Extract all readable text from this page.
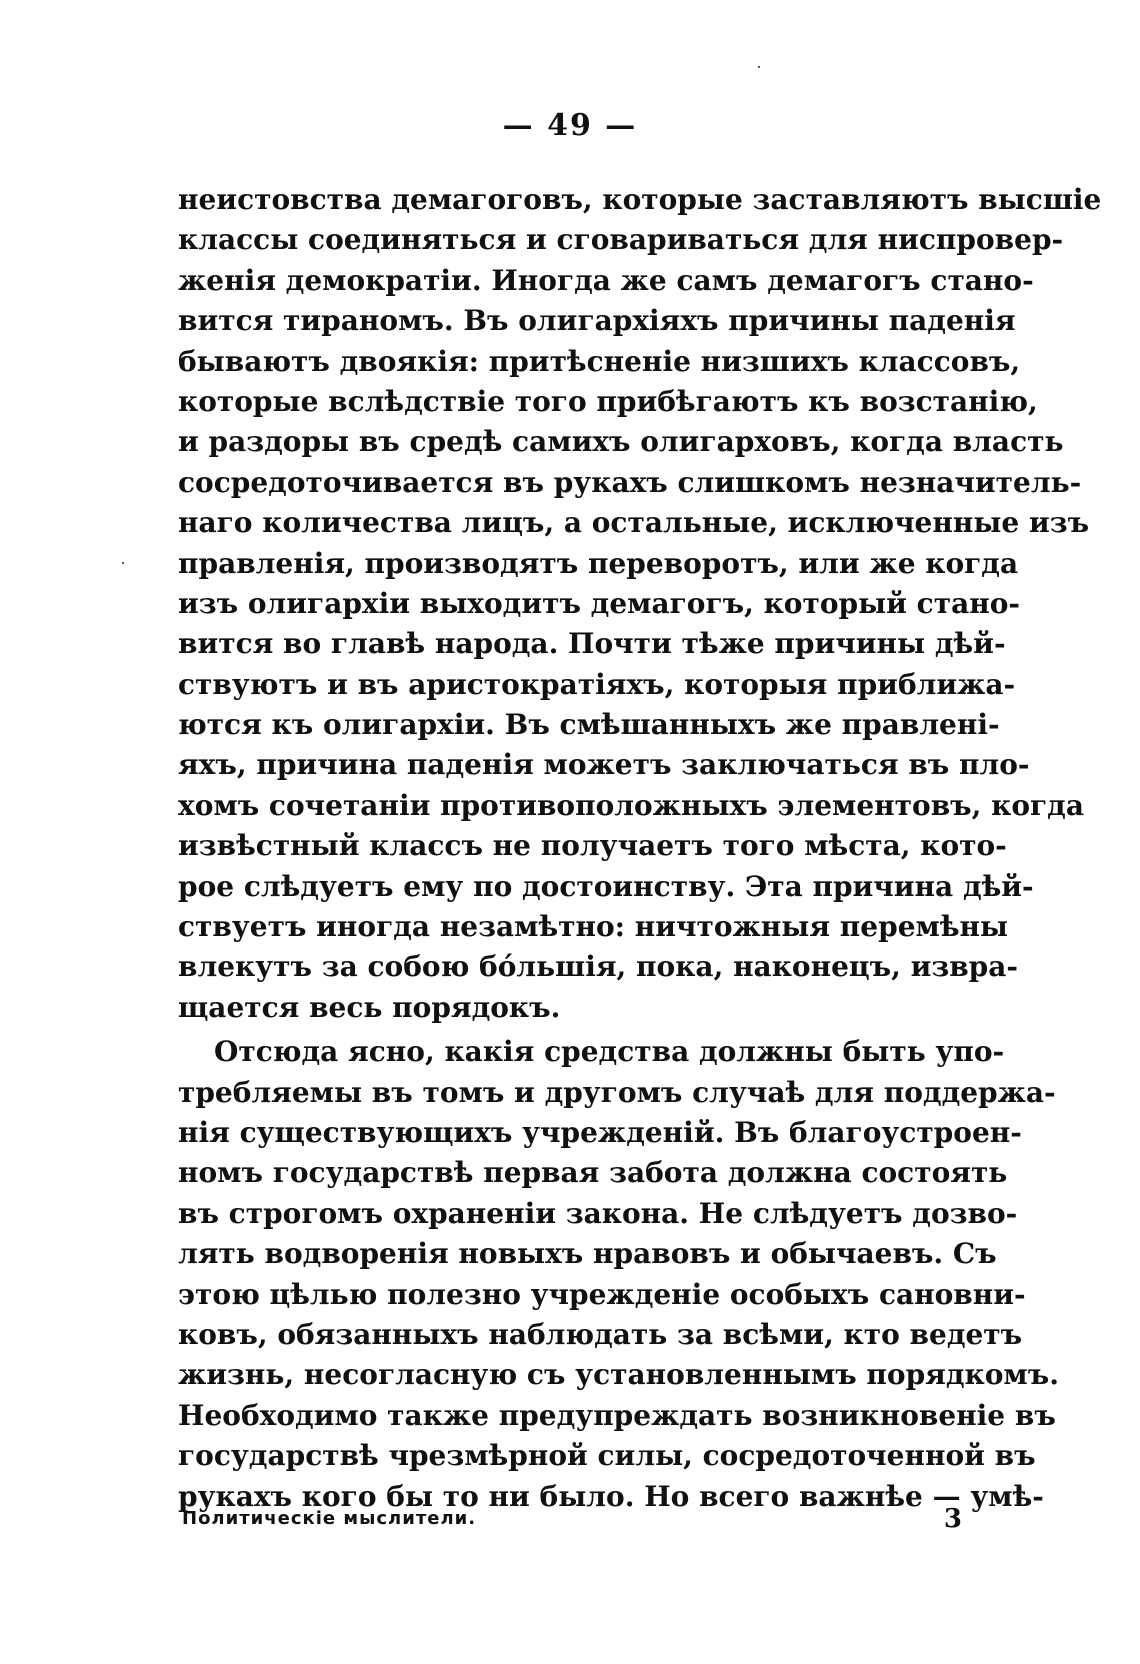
— 49 —
неистовства демагоговъ, которые заставляютъ высшіе
классы соединяться и сговариваться для ниспровер-
женія демократіи. Иногда же самъ демагогъ стано-
вится тираномъ. Въ олигархіяхъ причины паденія
бываютъ двоякія: притѣсненіе низшихъ классовъ,
которые вслѣдствіе того прибѣгаютъ къ возстанію,
и раздоры въ средѣ самихъ олигарховъ, когда власть
сосредоточивается въ рукахъ слишкомъ незначитель-
наго количества лицъ, а остальные, исключенные изъ
правленія, производятъ переворотъ, или же когда
изъ олигархіи выходитъ демагогъ, который стано-
вится во главѣ народа. Почти тѣже причины дѣй-
ствуютъ и въ аристократіяхъ, которыя приближа-
ются къ олигархіи. Въ смѣшанныхъ же правлені-
яхъ, причина паденія можетъ заключаться въ пло-
хомъ сочетаніи противоположныхъ элементовъ, когда
извѣстный классъ не получаетъ того мѣста, кото-
рое слѣдуетъ ему по достоинству. Эта причина дѣй-
ствуетъ иногда незамѣтно: ничтожныя перемѣны
влекутъ за собою бóльшія, пока, наконецъ, извра-
щается весь порядокъ.
Отсюда ясно, какія средства должны быть упо-
требляемы въ томъ и другомъ случаѣ для поддержа-
нія существующихъ учрежденій. Въ благоустроен-
номъ государствѣ первая забота должна состоять
въ строгомъ охраненіи закона. Не слѣдуетъ дозво-
лять водворенія новыхъ нравовъ и обычаевъ. Съ
этою цѣлью полезно учрежденіе особыхъ сановни-
ковъ, обязанныхъ наблюдать за всѣми, кто ведетъ
жизнь, несогласную съ установленнымъ порядкомъ.
Необходимо также предупреждать возникновеніе въ
государствѣ чрезмѣрной силы, сосредоточенной въ
рукахъ кого бы то ни было. Но всего важнѣе — умѣ-
Политическіе мыслители.	3
